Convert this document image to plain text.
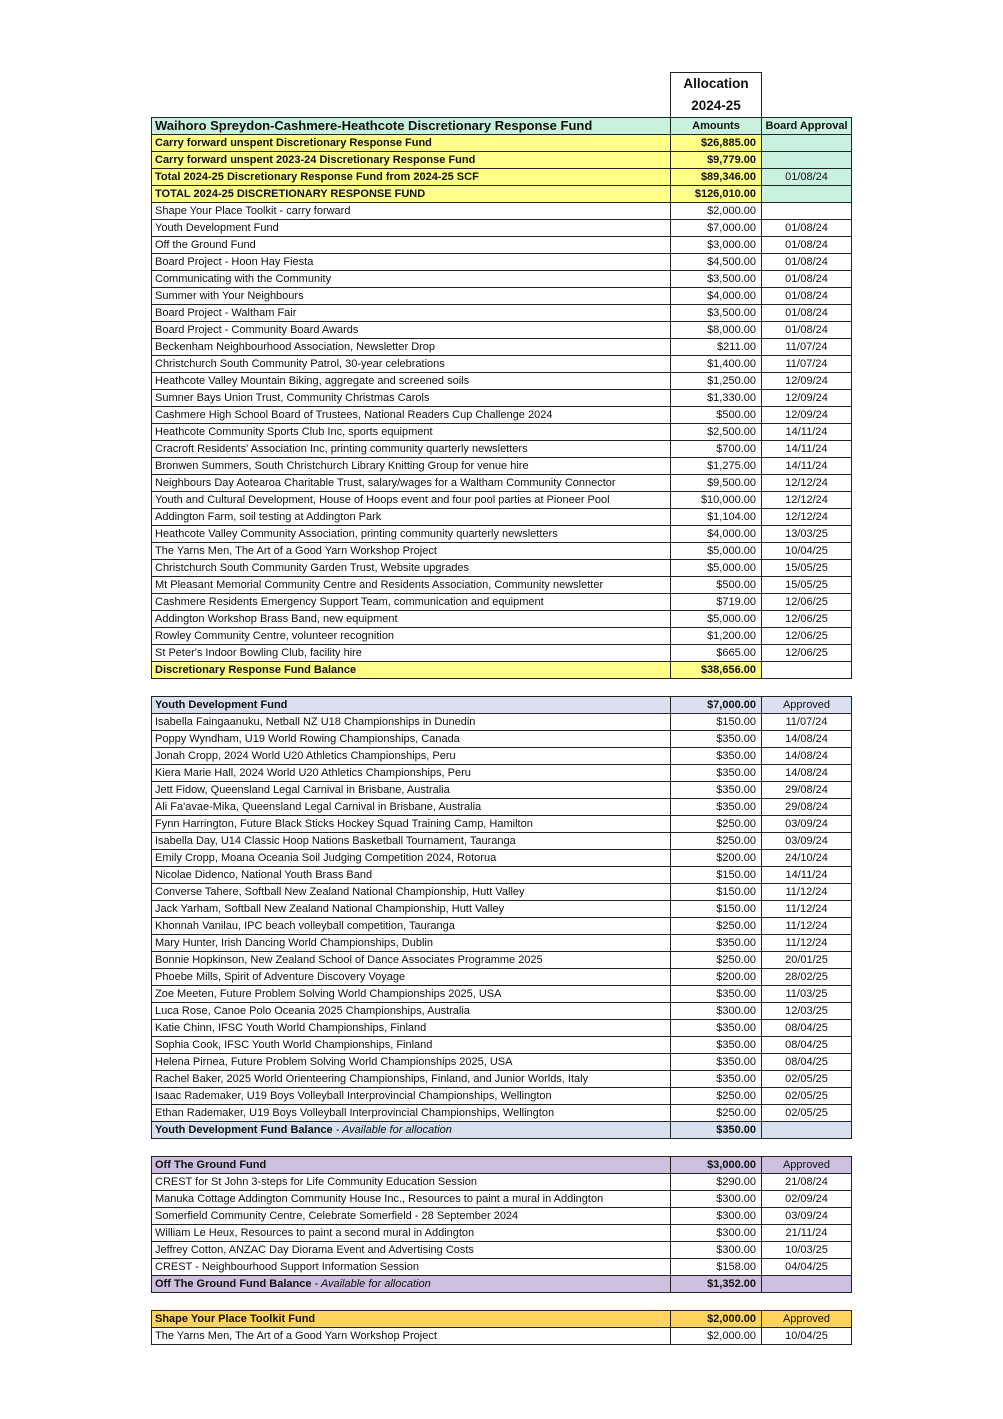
	Allocation	
	2024-25	
Waihoro Spreydon-Cashmere-Heathcote Discretionary Response Fund	Amounts	Board Approval
Carry forward unspent Discretionary Response Fund	$26,885.00	
Carry forward unspent 2023-24 Discretionary Response Fund	$9,779.00	
Total 2024-25 Discretionary Response Fund from 2024-25 SCF	$89,346.00	01/08/24
TOTAL 2024-25 DISCRETIONARY RESPONSE FUND	$126,010.00	
Shape Your Place Toolkit - carry forward	$2,000.00	
Youth Development Fund	$7,000.00	01/08/24
Off the Ground Fund	$3,000.00	01/08/24
Board Project - Hoon Hay Fiesta	$4,500.00	01/08/24
Communicating with the Community	$3,500.00	01/08/24
Summer with Your Neighbours	$4,000.00	01/08/24
Board Project - Waltham Fair	$3,500.00	01/08/24
Board Project - Community Board Awards	$8,000.00	01/08/24
Beckenham Neighbourhood Association, Newsletter Drop	$211.00	11/07/24
Christchurch South Community Patrol, 30-year celebrations	$1,400.00	11/07/24
Heathcote Valley Mountain Biking, aggregate and screened soils	$1,250.00	12/09/24
Sumner Bays Union Trust, Community Christmas Carols	$1,330.00	12/09/24
Cashmere High School Board of Trustees, National Readers Cup Challenge 2024	$500.00	12/09/24
Heathcote Community Sports Club Inc, sports equipment	$2,500.00	14/11/24
Cracroft Residents' Association Inc, printing community quarterly newsletters	$700.00	14/11/24
Bronwen Summers, South Christchurch Library Knitting Group for venue hire	$1,275.00	14/11/24
Neighbours Day Aotearoa Charitable Trust, salary/wages for a Waltham Community Connector	$9,500.00	12/12/24
Youth and Cultural Development, House of Hoops event and four pool parties at Pioneer Pool	$10,000.00	12/12/24
Addington Farm, soil testing at Addington Park	$1,104.00	12/12/24
Heathcote Valley Community Association, printing community quarterly newsletters	$4,000.00	13/03/25
The Yarns Men, The Art of a Good Yarn Workshop Project	$5,000.00	10/04/25
Christchurch South Community Garden Trust, Website upgrades	$5,000.00	15/05/25
Mt Pleasant Memorial Community Centre and Residents Association, Community newsletter	$500.00	15/05/25
Cashmere Residents Emergency Support Team, communication and equipment	$719.00	12/06/25
Addington Workshop Brass Band, new equipment	$5,000.00	12/06/25
Rowley Community Centre, volunteer recognition	$1,200.00	12/06/25
St Peter's Indoor Bowling Club, facility hire	$665.00	12/06/25
Discretionary Response Fund Balance	$38,656.00	
Youth Development Fund	$7,000.00	Approved
Isabella Faingaanuku, Netball NZ U18 Championships in Dunedin	$150.00	11/07/24
Poppy Wyndham, U19 World Rowing Championships, Canada	$350.00	14/08/24
Jonah Cropp, 2024 World U20 Athletics Championships, Peru	$350.00	14/08/24
Kiera Marie Hall, 2024 World U20 Athletics Championships, Peru	$350.00	14/08/24
Jett Fidow, Queensland Legal Carnival in Brisbane, Australia	$350.00	29/08/24
Ali Fa'avae-Mika, Queensland Legal Carnival in Brisbane, Australia	$350.00	29/08/24
Fynn Harrington, Future Black Sticks Hockey Squad Training Camp, Hamilton	$250.00	03/09/24
Isabella Day, U14 Classic Hoop Nations Basketball Tournament, Tauranga	$250.00	03/09/24
Emily Cropp, Moana Oceania Soil Judging Competition 2024, Rotorua	$200.00	24/10/24
Nicolae Didenco, National Youth Brass Band	$150.00	14/11/24
Converse Tahere, Softball New Zealand National Championship, Hutt Valley	$150.00	11/12/24
Jack Yarham, Softball New Zealand National Championship, Hutt Valley	$150.00	11/12/24
Khonnah Vanilau, IPC beach volleyball competition, Tauranga	$250.00	11/12/24
Mary Hunter, Irish Dancing World Championships, Dublin	$350.00	11/12/24
Bonnie Hopkinson, New Zealand School of Dance Associates Programme 2025	$250.00	20/01/25
Phoebe Mills, Spirit of Adventure Discovery Voyage	$200.00	28/02/25
Zoe Meeten, Future Problem Solving World Championships 2025, USA	$350.00	11/03/25
Luca Rose, Canoe Polo Oceania 2025 Championships, Australia	$300.00	12/03/25
Katie Chinn, IFSC Youth World Championships, Finland	$350.00	08/04/25
Sophia Cook, IFSC Youth World Championships, Finland	$350.00	08/04/25
Helena Pirnea, Future Problem Solving World Championships 2025, USA	$350.00	08/04/25
Rachel Baker, 2025 World Orienteering Championships, Finland, and Junior Worlds, Italy	$350.00	02/05/25
Isaac Rademaker, U19 Boys Volleyball Interprovincial Championships, Wellington	$250.00	02/05/25
Ethan Rademaker, U19 Boys Volleyball Interprovincial Championships, Wellington	$250.00	02/05/25
Youth Development Fund Balance - Available for allocation	$350.00	
Off The Ground Fund	$3,000.00	Approved
CREST for St John 3-steps for Life Community Education Session	$290.00	21/08/24
Manuka Cottage Addington Community House Inc., Resources to paint a mural in Addington	$300.00	02/09/24
Somerfield Community Centre, Celebrate Somerfield - 28 September 2024	$300.00	03/09/24
William Le Heux, Resources to paint a second mural in Addington	$300.00	21/11/24
Jeffrey Cotton, ANZAC Day Diorama Event and Advertising Costs	$300.00	10/03/25
CREST - Neighbourhood Support Information Session	$158.00	04/04/25
Off The Ground Fund Balance - Available for allocation	$1,352.00	
Shape Your Place Toolkit Fund	$2,000.00	Approved
The Yarns Men, The Art of a Good Yarn Workshop Project	$2,000.00	10/04/25
